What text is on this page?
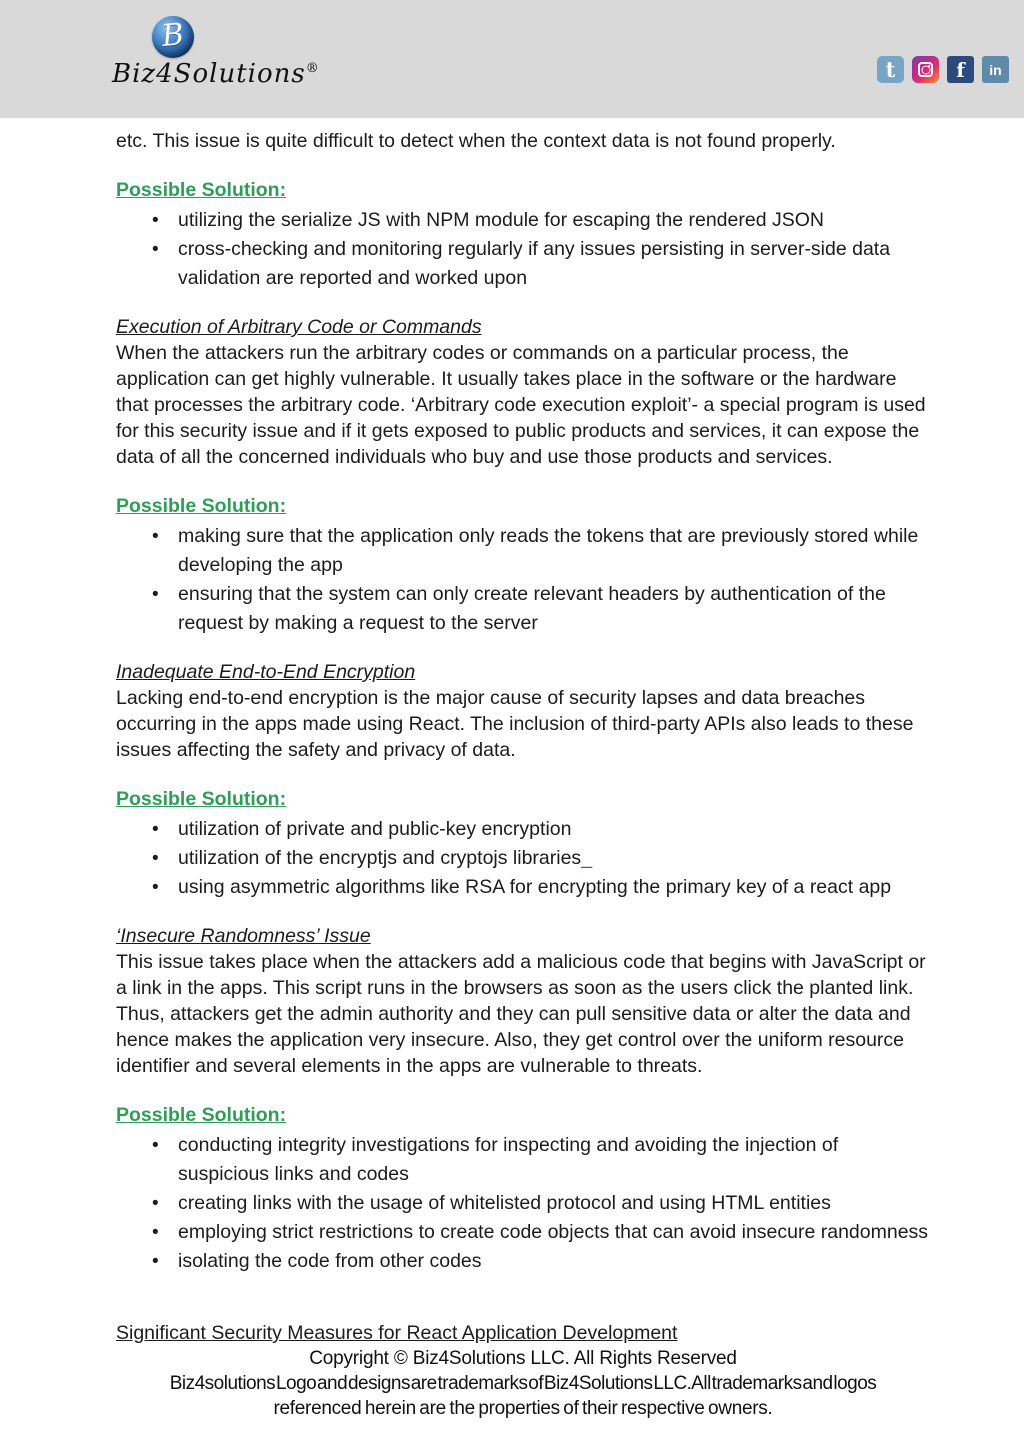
B
Biz4Solutions®	t	f in

etc. This issue is quite difficult to detect when the context data is not found properly.

Possible Solution:
• utilizing the serialize JS with NPM module for escaping the rendered JSON
• cross-checking and monitoring regularly if any issues persisting in server-side data validation are reported and worked upon
Execution of Arbitrary Code or Commands

When the attackers run the arbitrary codes or commands on a particular process, the application can get highly vulnerable. It usually takes place in the software or the hardware that processes the arbitrary code. ‘Arbitrary code execution exploit’- a special program is used for this security issue and if it gets exposed to public products and services, it can expose the data of all the concerned individuals who buy and use those products and services.

Possible Solution:
• making sure that the application only reads the tokens that are previously stored while developing the app
• ensuring that the system can only create relevant headers by authentication of the request by making a request to the server
Inadequate End-to-End Encryption

Lacking end-to-end encryption is the major cause of security lapses and data breaches occurring in the apps made using React. The inclusion of third-party APIs also leads to these issues affecting the safety and privacy of data.

Possible Solution:
• utilization of private and public-key encryption
• utilization of the encryptjs and cryptojs libraries_
• using asymmetric algorithms like RSA for encrypting the primary key of a react app
‘Insecure Randomness’ Issue

This issue takes place when the attackers add a malicious code that begins with JavaScript or a link in the apps. This script runs in the browsers as soon as the users click the planted link. Thus, attackers get the admin authority and they can pull sensitive data or alter the data and hence makes the application very insecure. Also, they get control over the uniform resource identifier and several elements in the apps are vulnerable to threats.

Possible Solution:
• conducting integrity investigations for inspecting and avoiding the injection of suspicious links and codes
• creating links with the usage of whitelisted protocol and using HTML entities
• employing strict restrictions to create code objects that can avoid insecure randomness
• isolating the code from other codes
Significant Security Measures for React Application Development
Copyright © Biz4Solutions LLC. All Rights Reserved
Biz4solutions Logo and designs are trademarks of Biz4Solutions LLC. All trademarks and logos
referenced herein are the properties of their respective owners.
